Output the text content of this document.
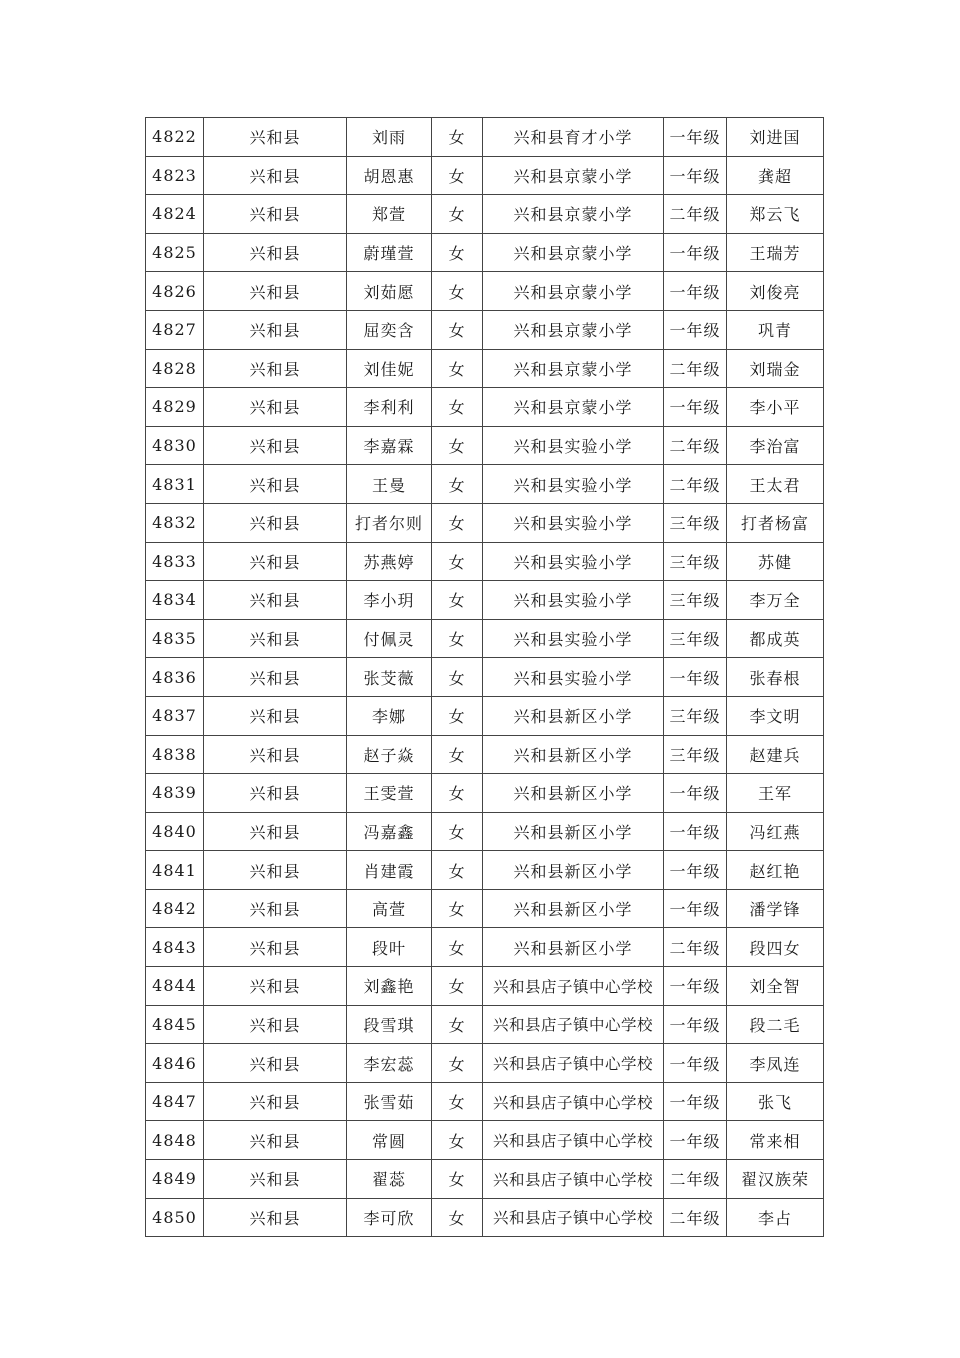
4822	兴和县	刘雨	女	兴和县育才小学	一年级	刘进国
4823	兴和县	胡恩惠	女	兴和县京蒙小学	一年级	龚超
4824	兴和县	郑萱	女	兴和县京蒙小学	二年级	郑云飞
4825	兴和县	蔚瑾萱	女	兴和县京蒙小学	一年级	王瑞芳
4826	兴和县	刘茹愿	女	兴和县京蒙小学	一年级	刘俊亮
4827	兴和县	屈奕含	女	兴和县京蒙小学	一年级	巩青
4828	兴和县	刘佳妮	女	兴和县京蒙小学	二年级	刘瑞金
4829	兴和县	李利利	女	兴和县京蒙小学	一年级	李小平
4830	兴和县	李嘉霖	女	兴和县实验小学	二年级	李治富
4831	兴和县	王曼	女	兴和县实验小学	二年级	王太君
4832	兴和县	打者尔则	女	兴和县实验小学	三年级	打者杨富
4833	兴和县	苏燕婷	女	兴和县实验小学	三年级	苏健
4834	兴和县	李小玥	女	兴和县实验小学	三年级	李万全
4835	兴和县	付佩灵	女	兴和县实验小学	三年级	都成英
4836	兴和县	张芠薇	女	兴和县实验小学	一年级	张春根
4837	兴和县	李娜	女	兴和县新区小学	三年级	李文明
4838	兴和县	赵子焱	女	兴和县新区小学	三年级	赵建兵
4839	兴和县	王雯萱	女	兴和县新区小学	一年级	王军
4840	兴和县	冯嘉鑫	女	兴和县新区小学	一年级	冯红燕
4841	兴和县	肖建霞	女	兴和县新区小学	一年级	赵红艳
4842	兴和县	高萱	女	兴和县新区小学	一年级	潘学锋
4843	兴和县	段叶	女	兴和县新区小学	二年级	段四女
4844	兴和县	刘鑫艳	女	兴和县店子镇中心学校	一年级	刘全智
4845	兴和县	段雪琪	女	兴和县店子镇中心学校	一年级	段二毛
4846	兴和县	李宏蕊	女	兴和县店子镇中心学校	一年级	李凤连
4847	兴和县	张雪茹	女	兴和县店子镇中心学校	一年级	张飞
4848	兴和县	常圆	女	兴和县店子镇中心学校	一年级	常来相
4849	兴和县	翟蕊	女	兴和县店子镇中心学校	二年级	翟汉族荣
4850	兴和县	李可欣	女	兴和县店子镇中心学校	二年级	李占
